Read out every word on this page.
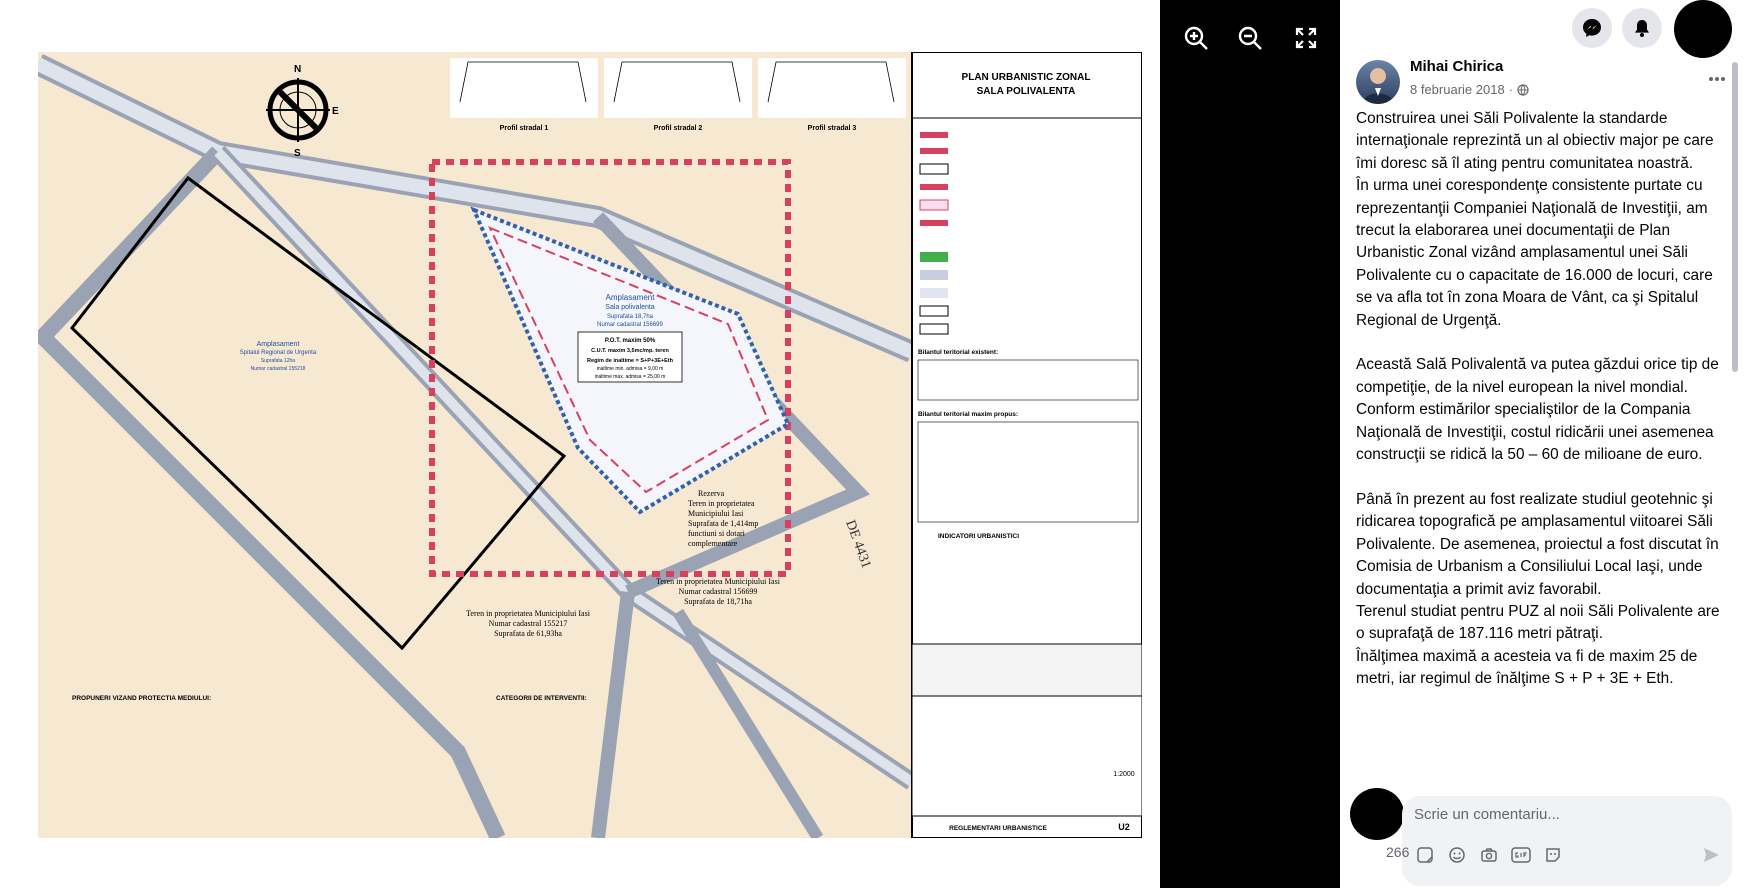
Amplasament
Sala polivalenta
Suprafata 18,7ha
Numar cadastral 156699
P.O.T. maxim 50%
C.U.T. maxim 3,5mc/mp. teren
Regim de inaltime = S+P+3E+Eth
inaltime min. admisa = 9,00 m
inaltime max. admisa = 25,00 m
Amplasament
Spitalul Regional de Urgenta
Suprafata 12ha
Numar cadastral 155218
Rezerva
Teren in proprietatea
Municipiului Iasi
Suprafata de 1,414mp
functiuni si dotari
complementare
Teren in proprietatea Municipiului Iasi
Numar cadastral 156699
Suprafata de 18,71ha
Teren in proprietatea Municipiului Iasi
Numar cadastral 155217
Suprafata de 61,93ha
DE 4431
N
S
E
Profil stradal 1	Profil stradal 2	Profil stradal 3
PLAN URBANISTIC ZONAL
SALA POLIVALENTA
Bilantul teritorial existent:
Bilantul teritorial maxim propus:
INDICATORI URBANISTICI
1:2000
REGLEMENTARI URBANISTICE	U2
PROPUNERI VIZAND PROTECTIA MEDIULUI:	CATEGORII DE INTERVENTII:
Mihai Chirica
8 februarie 2018 ·

Construirea unei Săli Polivalente la standarde internaţionale reprezintă un al obiectiv major pe care îmi doresc să îl ating pentru comunitatea noastră.

În urma unei corespondenţe consistente purtate cu reprezentanţii Companiei Naţională de Investiţii, am trecut la elaborarea unei documentaţii de Plan Urbanistic Zonal vizând amplasamentul unei Săli Polivalente cu o capacitate de 16.000 de locuri, care se va afla tot în zona Moara de Vânt, ca şi Spitalul Regional de Urgenţă.

Această Sală Polivalentă va putea găzdui orice tip de competiţie, de la nivel european la nivel mondial. Conform estimărilor specialiştilor de la Compania Naţională de Investiţii, costul ridicării unei asemenea construcţii se ridică la 50 – 60 de milioane de euro.

Până în prezent au fost realizate studiul geotehnic şi ridicarea topografică pe amplasamentul viitoarei Săli Polivalente. De asemenea, proiectul a fost discutat în Comisia de Urbanism a Consiliului Local Iaşi, unde documentaţia a primit aviz favorabil.

Terenul studiat pentru PUZ al noii Săli Polivalente are o suprafaţă de 187.116 metri pătraţi.

Înălţimea maximă a acesteia va fi de maxim 25 de metri, iar regimul de înălţime S + P + 3E + Eth.

Scrie un comentariu...
266
